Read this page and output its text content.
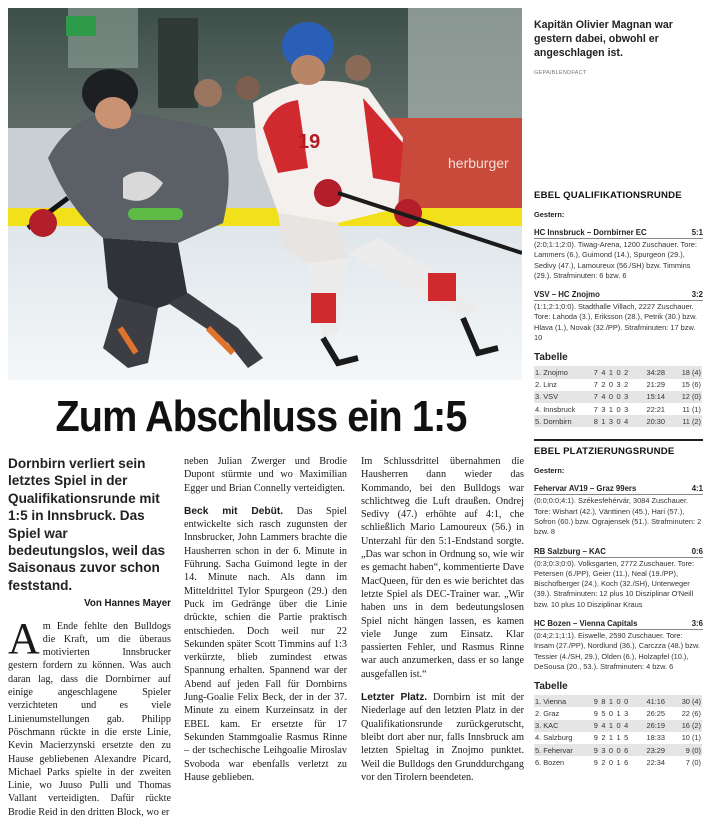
herburger
19

Kapitän Olivier Magnan war gestern dabei, obwohl er angeschlagen ist.

GEPA/BLENDFACT

EBEL QUALIFIKATIONSRUNDE
Gestern:
HC Innsbruck – Dornbirner EC	5:1
(2:0;1:1;2:0). Tiwag-Arena, 1200 Zuschauer. Tore: Lammers (6.), Guimond (14.), Spurgeon (29.), Sedivy (47.), Lamoureux (56./SH) bzw. Timmins (29.). Strafminuten: 6 bzw. 6
VSV – HC Znojmo	3:2
(1:1;2:1;0:0). Stadthalle Villach, 2227 Zuschauer. Tore: Lahoda (3.), Eriksson (28.), Petrik (30.) bzw. Hlava (1.), Novak (32./PP). Strafminuten: 17 bzw. 10
Tabelle
1. Znojmo	7	4	1	0	2	34:28	18 (4)
2. Linz	7	2	0	3	2	21:29	15 (6)
3. VSV	7	4	0	0	3	15:14	12 (0)
4. Innsbruck	7	3	1	0	3	22:21	11 (1)
5. Dornbirn	8	1	3	0	4	20:30	11 (2)
EBEL PLATZIERUNGSRUNDE
Gestern:
Fehervar AV19 – Graz 99ers	4:1
(0:0;0:0;4:1). Székesfehérvár, 3084 Zuschauer. Tore: Wishart (42.), Vänttinen (45.), Hari (57.), Sofron (60.) bzw. Ograjensek (51.). Strafminuten: 2 bzw. 8
RB Salzburg – KAC	0:6
(0:3;0:3;0:0). Volksgarten, 2772 Zuschauer. Tore: Petersen (6./PP), Geier (11.), Neal (19./PP), Bischofberger (24.), Koch (32./SH), Unterweger (39.). Strafminuten: 12 plus 10 Disziplinar O'Neill bzw. 10 plus 10 Disziplinar Kraus
HC Bozen – Vienna Capitals	3:6
(0:4;2:1;1:1). Eiswelle, 2590 Zuschauer. Tore: Insam (27./PP), Nordlund (36.), Carczza (48.) bzw. Tessier (4./SH, 29.), Olden (6.), Holzapfel (10.), DeSousa (20., 53.). Strafminuten: 4 bzw. 6
Tabelle
1. Vienna	9	8	1	0	0	41:16	30 (4)
2. Graz	9	5	0	1	3	26:25	22 (6)
3. KAC	9	4	1	0	4	26:19	16 (2)
4. Salzburg	9	2	1	1	5	18:33	10 (1)
5. Fehervar	9	3	0	0	6	23:29	9 (0)
6. Bozen	9	2	0	1	6	22:34	7 (0)
Zum Abschluss ein 1:5

Dornbirn verliert sein letztes Spiel in der Qualifikationsrunde mit 1:5 in Innsbruck. Das Spiel war bedeutungslos, weil das Saisonaus zuvor schon feststand.

Von Hannes Mayer

Am Ende fehlte den Bulldogs die Kraft, um die überaus motivierten Innsbrucker gestern fordern zu können. Was auch daran lag, dass die Dornbirner auf einige angeschlagene Spieler verzichteten und es viele Linienumstellungen gab. Philipp Pöschmann rückte in die erste Linie, Kevin Macierzynski ersetzte den zu Hause gebliebenen Alexandre Picard, Michael Parks spielte in der zweiten Linie, wo Juuso Pulli und Thomas Vallant verteidigten. Dafür rückte Brodie Reid in den dritten Block, wo er

neben Julian Zwerger und Brodie Dupont stürmte und wo Maximilian Egger und Brian Connelly verteidigten.

Beck mit Debüt. Das Spiel entwickelte sich rasch zugunsten der Innsbrucker, John Lammers brachte die Hausherren schon in der 6. Minute in Führung. Sacha Guimond legte in der 14. Minute nach. Als dann im Mitteldrittel Tylor Spurgeon (29.) den Puck im Gedränge über die Linie drückte, schien die Partie praktisch entschieden. Doch weil nur 22 Sekunden später Scott Timmins auf 1:3 verkürzte, blieb zumindest etwas Spannung erhalten. Spannend war der Abend auf jeden Fall für Dornbirns Jung-Goalie Felix Beck, der in der 37. Minute zu einem Kurzeinsatz in der EBEL kam. Er ersetzte für 17 Sekunden Stammgoalie Rasmus Rinne – der tschechische Leihgoalie Miroslav Svoboda war ebenfalls verletzt zu Hause geblieben.

Im Schlussdrittel übernahmen die Hausherren dann wieder das Kommando, bei den Bulldogs war schlichtweg die Luft draußen. Ondrej Sedivy (47.) erhöhte auf 4:1, che schließlich Mario Lamoureux (56.) in Unterzahl für den 5:1-Endstand sorgte. „Das war schon in Ordnung so, wie wir es gemacht haben“, kommentierte Dave MacQueen, für den es wie berichtet das letzte Spiel als DEC-Trainer war. „Wir haben uns in dem bedeutungslosen Spiel nicht hängen lassen, es kamen viele Junge zum Einsatz. Klar passierten Fehler, und Rasmus Rinne war auch anzumerken, dass er so lange ausgefallen ist.“

Letzter Platz. Dornbirn ist mit der Niederlage auf den letzten Platz in der Qualifikationsrunde zurückgerutscht, bleibt dort aber nur, falls Innsbruck am letzten Spieltag in Znojmo punktet. Weil die Bulldogs den Grunddurchgang vor den Tirolern beendeten.
